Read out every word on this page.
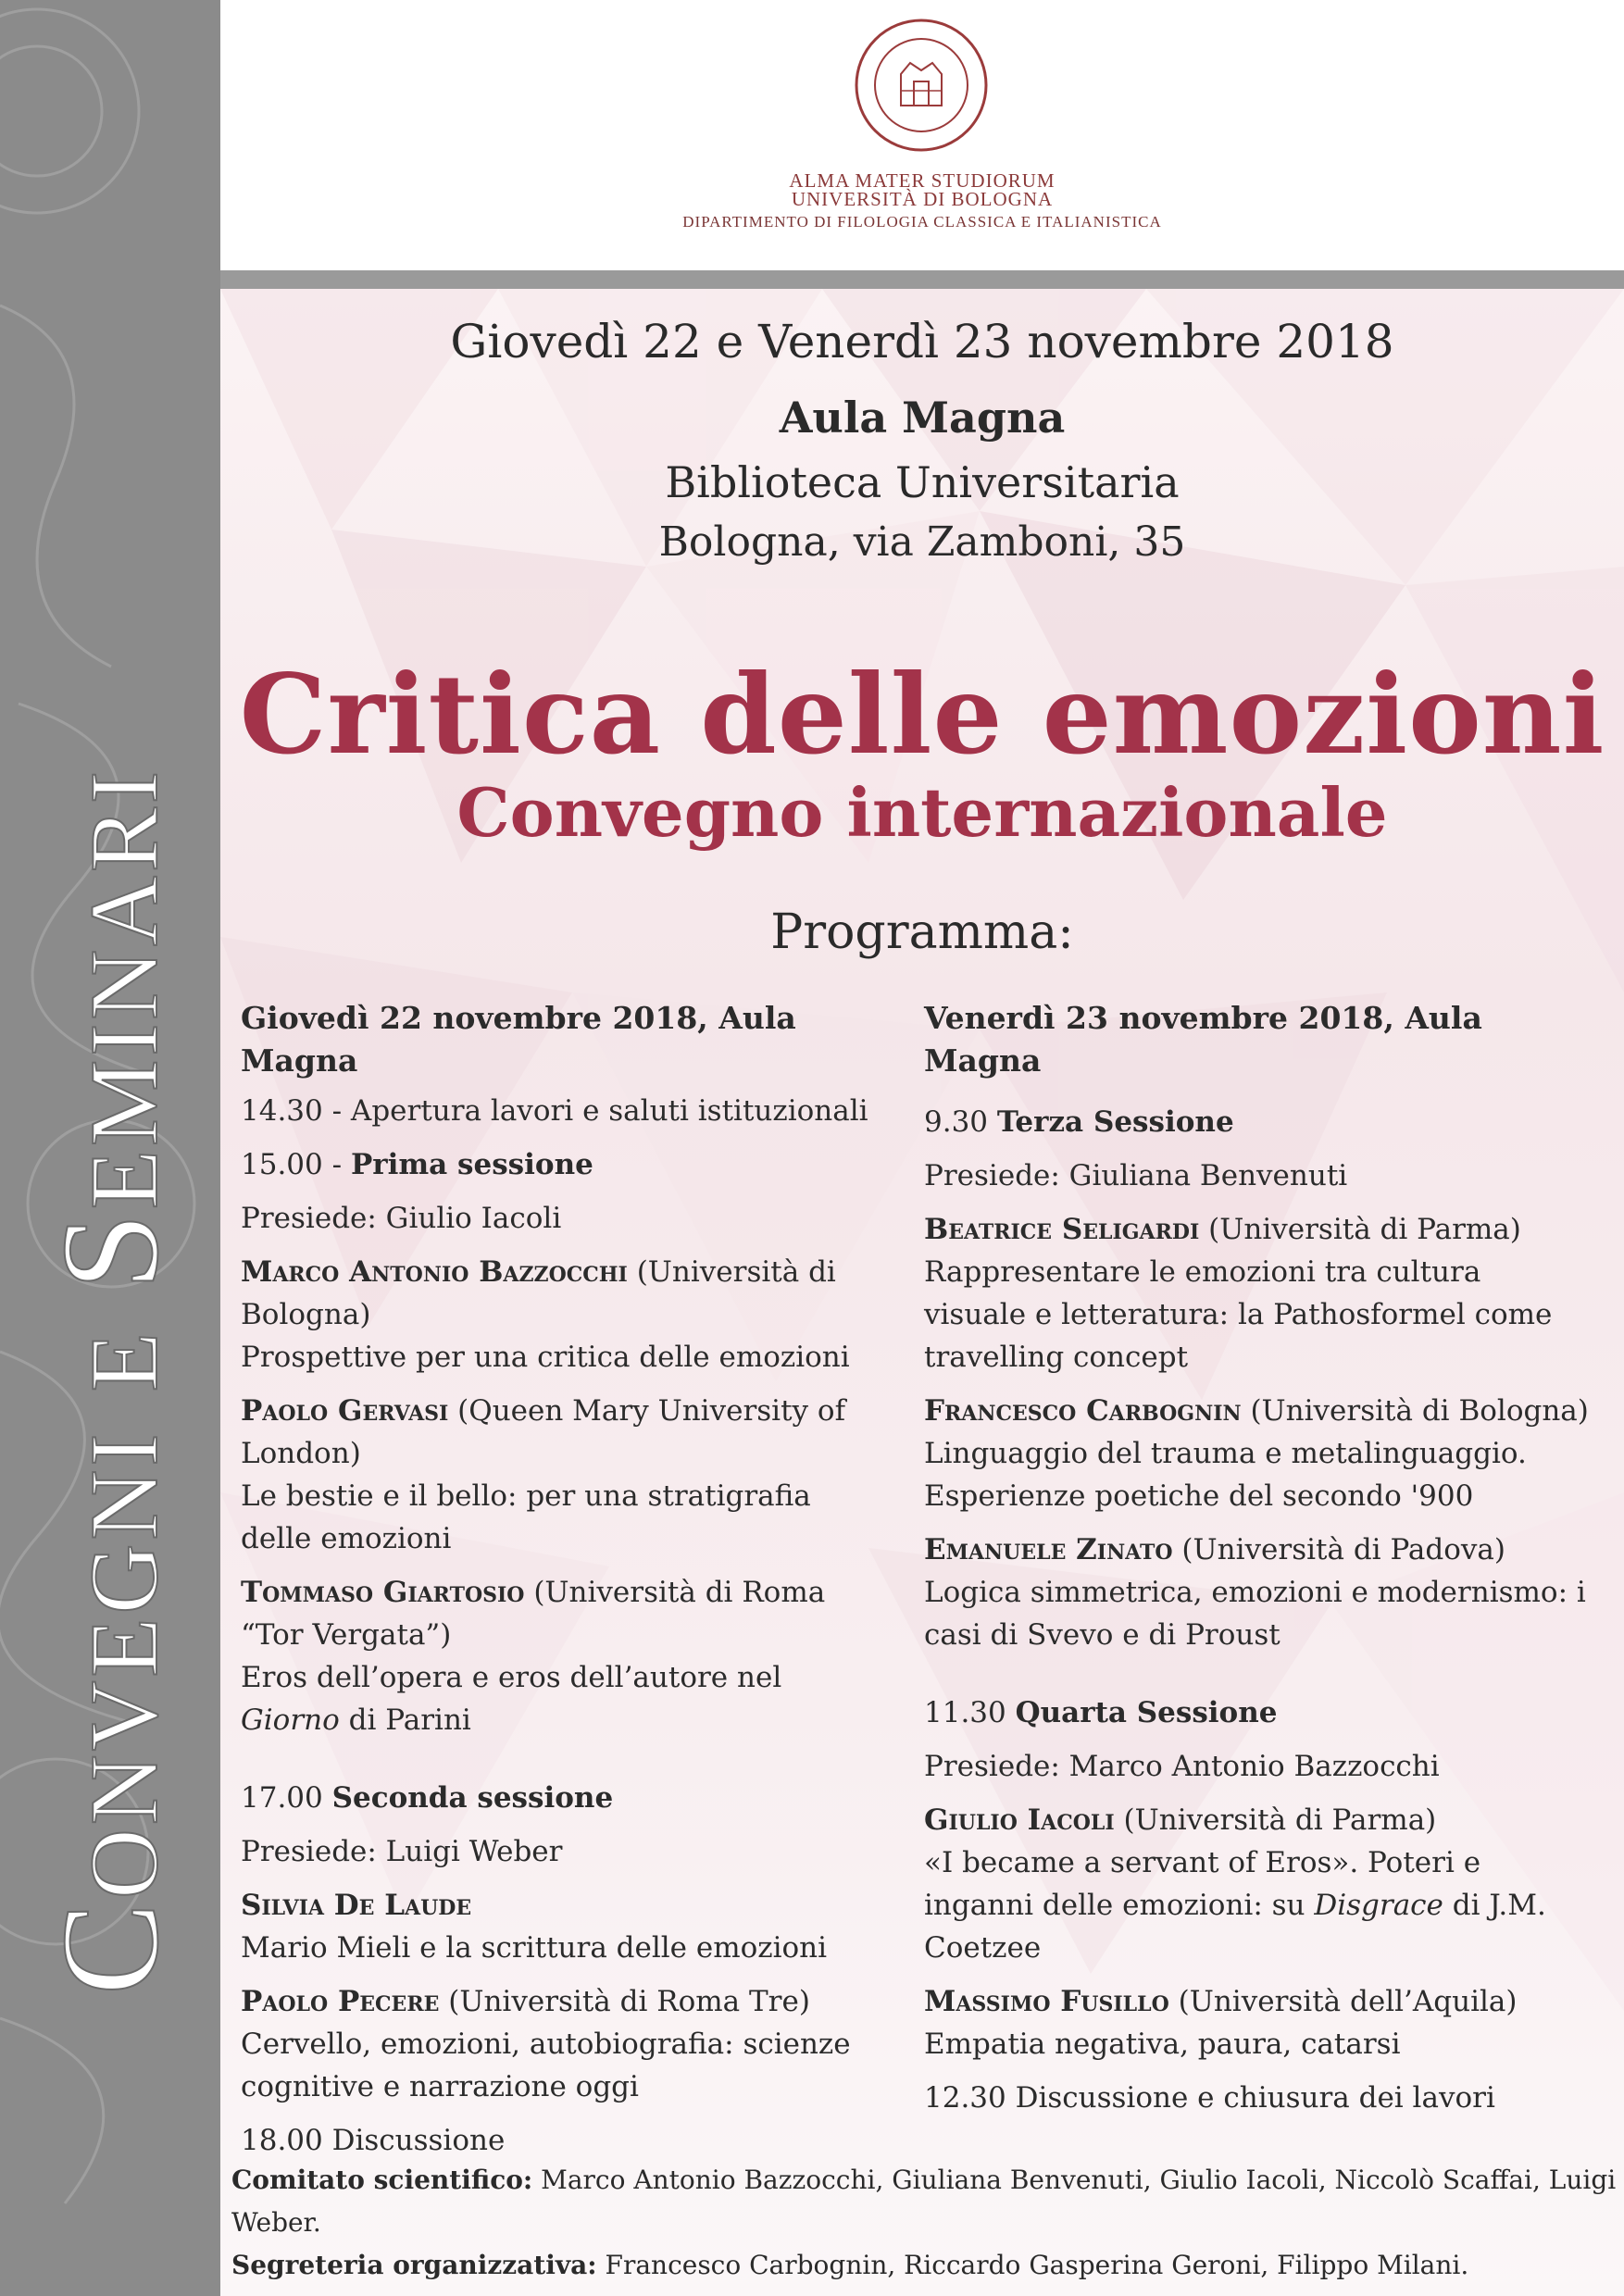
Convegni e Seminari
ALMA MATER STUDIORUM
UNIVERSITÀ DI BOLOGNA
DIPARTIMENTO DI FILOLOGIA CLASSICA E ITALIANISTICA
Giovedì 22 e Venerdì 23 novembre 2018
Aula Magna
Biblioteca Universitaria
Bologna, via Zamboni, 35
Critica delle emozioni
Convegno internazionale
Programma:
Giovedì 22 novembre 2018, Aula Magna

14.30 - Apertura lavori e saluti istituzionali

15.00 - Prima sessione

Presiede: Giulio Iacoli

Marco Antonio Bazzocchi (Università di Bologna)
Prospettive per una critica delle emozioni

Paolo Gervasi (Queen Mary University of London)
Le bestie e il bello: per una stratigrafia delle emozioni

Tommaso Giartosio (Università di Roma “Tor Vergata”)
Eros dell’opera e eros dell’autore nel Giorno di Parini

17.00 Seconda sessione

Presiede: Luigi Weber

Silvia De Laude
Mario Mieli e la scrittura delle emozioni

Paolo Pecere (Università di Roma Tre)
Cervello, emozioni, autobiografia: scienze cognitive e narrazione oggi

18.00 Discussione

Venerdì 23 novembre 2018, Aula Magna

9.30 Terza Sessione

Presiede: Giuliana Benvenuti

Beatrice Seligardi (Università di Parma)
Rappresentare le emozioni tra cultura visuale e letteratura: la Pathosformel come travelling concept

Francesco Carbognin (Università di Bologna)
Linguaggio del trauma e metalinguaggio. Esperienze poetiche del secondo '900

Emanuele Zinato (Università di Padova)
Logica simmetrica, emozioni e modernismo: i casi di Svevo e di Proust

11.30 Quarta Sessione

Presiede: Marco Antonio Bazzocchi

Giulio Iacoli (Università di Parma)
«I became a servant of Eros». Poteri e inganni delle emozioni: su Disgrace di J.M. Coetzee

Massimo Fusillo (Università dell’Aquila)
Empatia negativa, paura, catarsi

12.30 Discussione e chiusura dei lavori

Comitato scientifico: Marco Antonio Bazzocchi, Giuliana Benvenuti, Giulio Iacoli, Niccolò Scaffai, Luigi Weber.
Segreteria organizzativa: Francesco Carbognin, Riccardo Gasperina Geroni, Filippo Milani.
